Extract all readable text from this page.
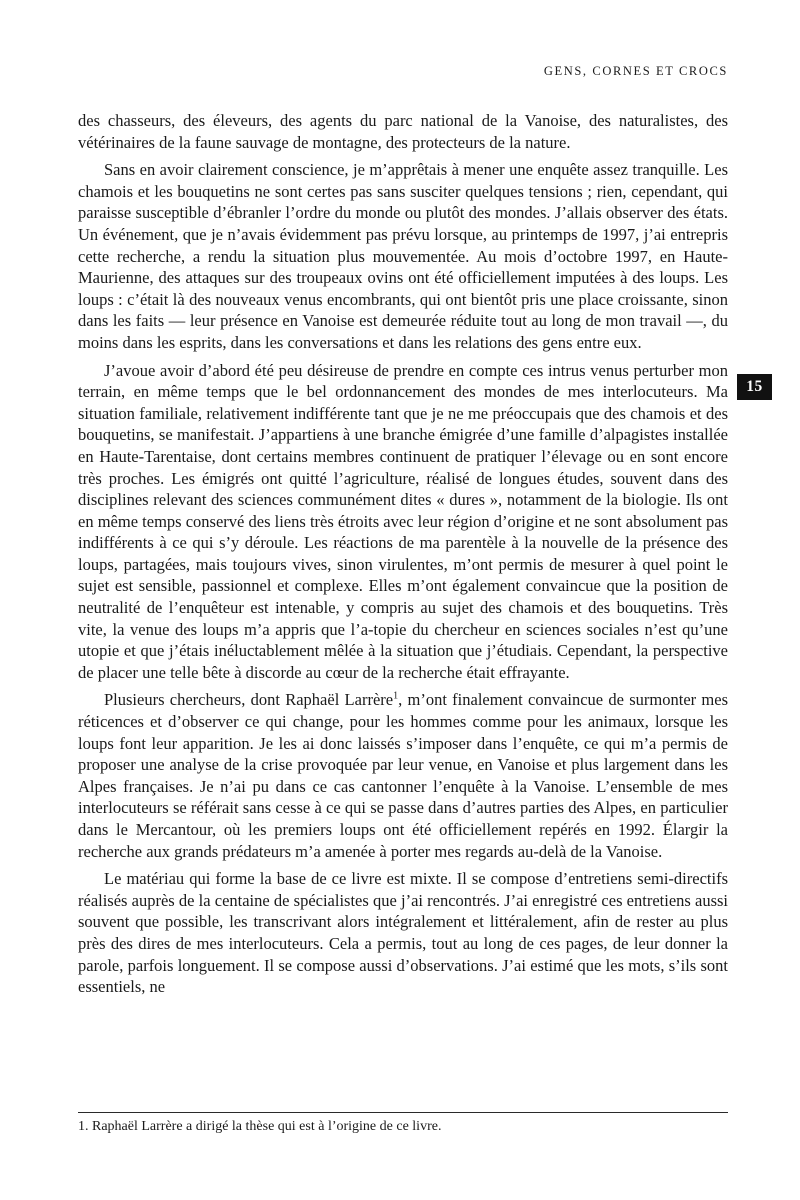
GENS, CORNES ET CROCS
15

des chasseurs, des éleveurs, des agents du parc national de la Vanoise, des naturalistes, des vétérinaires de la faune sauvage de montagne, des protecteurs de la nature.

Sans en avoir clairement conscience, je m’apprêtais à mener une enquête assez tranquille. Les chamois et les bouquetins ne sont certes pas sans susciter quelques tensions ; rien, cependant, qui paraisse susceptible d’ébranler l’ordre du monde ou plutôt des mondes. J’allais observer des états. Un événement, que je n’avais évidemment pas prévu lorsque, au printemps de 1997, j’ai entrepris cette recherche, a rendu la situation plus mouvementée. Au mois d’octobre 1997, en Haute-Maurienne, des attaques sur des troupeaux ovins ont été officiellement imputées à des loups. Les loups : c’était là des nouveaux venus encombrants, qui ont bientôt pris une place croissante, sinon dans les faits — leur présence en Vanoise est demeurée réduite tout au long de mon travail —, du moins dans les esprits, dans les conversations et dans les relations des gens entre eux.

J’avoue avoir d’abord été peu désireuse de prendre en compte ces intrus venus perturber mon terrain, en même temps que le bel ordonnancement des mondes de mes interlocuteurs. Ma situation familiale, relativement indifférente tant que je ne me préoccupais que des chamois et des bouquetins, se manifestait. J’appartiens à une branche émigrée d’une famille d’alpagistes installée en Haute-Tarentaise, dont certains membres continuent de pratiquer l’élevage ou en sont encore très proches. Les émigrés ont quitté l’agriculture, réalisé de longues études, souvent dans des disciplines relevant des sciences communément dites « dures », notamment de la biologie. Ils ont en même temps conservé des liens très étroits avec leur région d’origine et ne sont absolument pas indifférents à ce qui s’y déroule. Les réactions de ma parentèle à la nouvelle de la présence des loups, partagées, mais toujours vives, sinon virulentes, m’ont permis de mesurer à quel point le sujet est sensible, passionnel et complexe. Elles m’ont également convaincue que la position de neutralité de l’enquêteur est intenable, y compris au sujet des chamois et des bouquetins. Très vite, la venue des loups m’a appris que l’a-topie du chercheur en sciences sociales n’est qu’une utopie et que j’étais inéluctablement mêlée à la situation que j’étudiais. Cependant, la perspective de placer une telle bête à discorde au cœur de la recherche était effrayante.

Plusieurs chercheurs, dont Raphaël Larrère$^1$, m’ont finalement convaincue de surmonter mes réticences et d’observer ce qui change, pour les hommes comme pour les animaux, lorsque les loups font leur apparition. Je les ai donc laissés s’imposer dans l’enquête, ce qui m’a permis de proposer une analyse de la crise provoquée par leur venue, en Vanoise et plus largement dans les Alpes françaises. Je n’ai pu dans ce cas cantonner l’enquête à la Vanoise. L’ensemble de mes interlocuteurs se référait sans cesse à ce qui se passe dans d’autres parties des Alpes, en particulier dans le Mercantour, où les premiers loups ont été officiellement repérés en 1992. Élargir la recherche aux grands prédateurs m’a amenée à porter mes regards au-delà de la Vanoise.

Le matériau qui forme la base de ce livre est mixte. Il se compose d’entretiens semi-directifs réalisés auprès de la centaine de spécialistes que j’ai rencontrés. J’ai enregistré ces entretiens aussi souvent que possible, les transcrivant alors intégralement et littéralement, afin de rester au plus près des dires de mes interlocuteurs. Cela a permis, tout au long de ces pages, de leur donner la parole, parfois longuement. Il se compose aussi d’observations. J’ai estimé que les mots, s’ils sont essentiels, ne

1. Raphaël Larrère a dirigé la thèse qui est à l’origine de ce livre.
